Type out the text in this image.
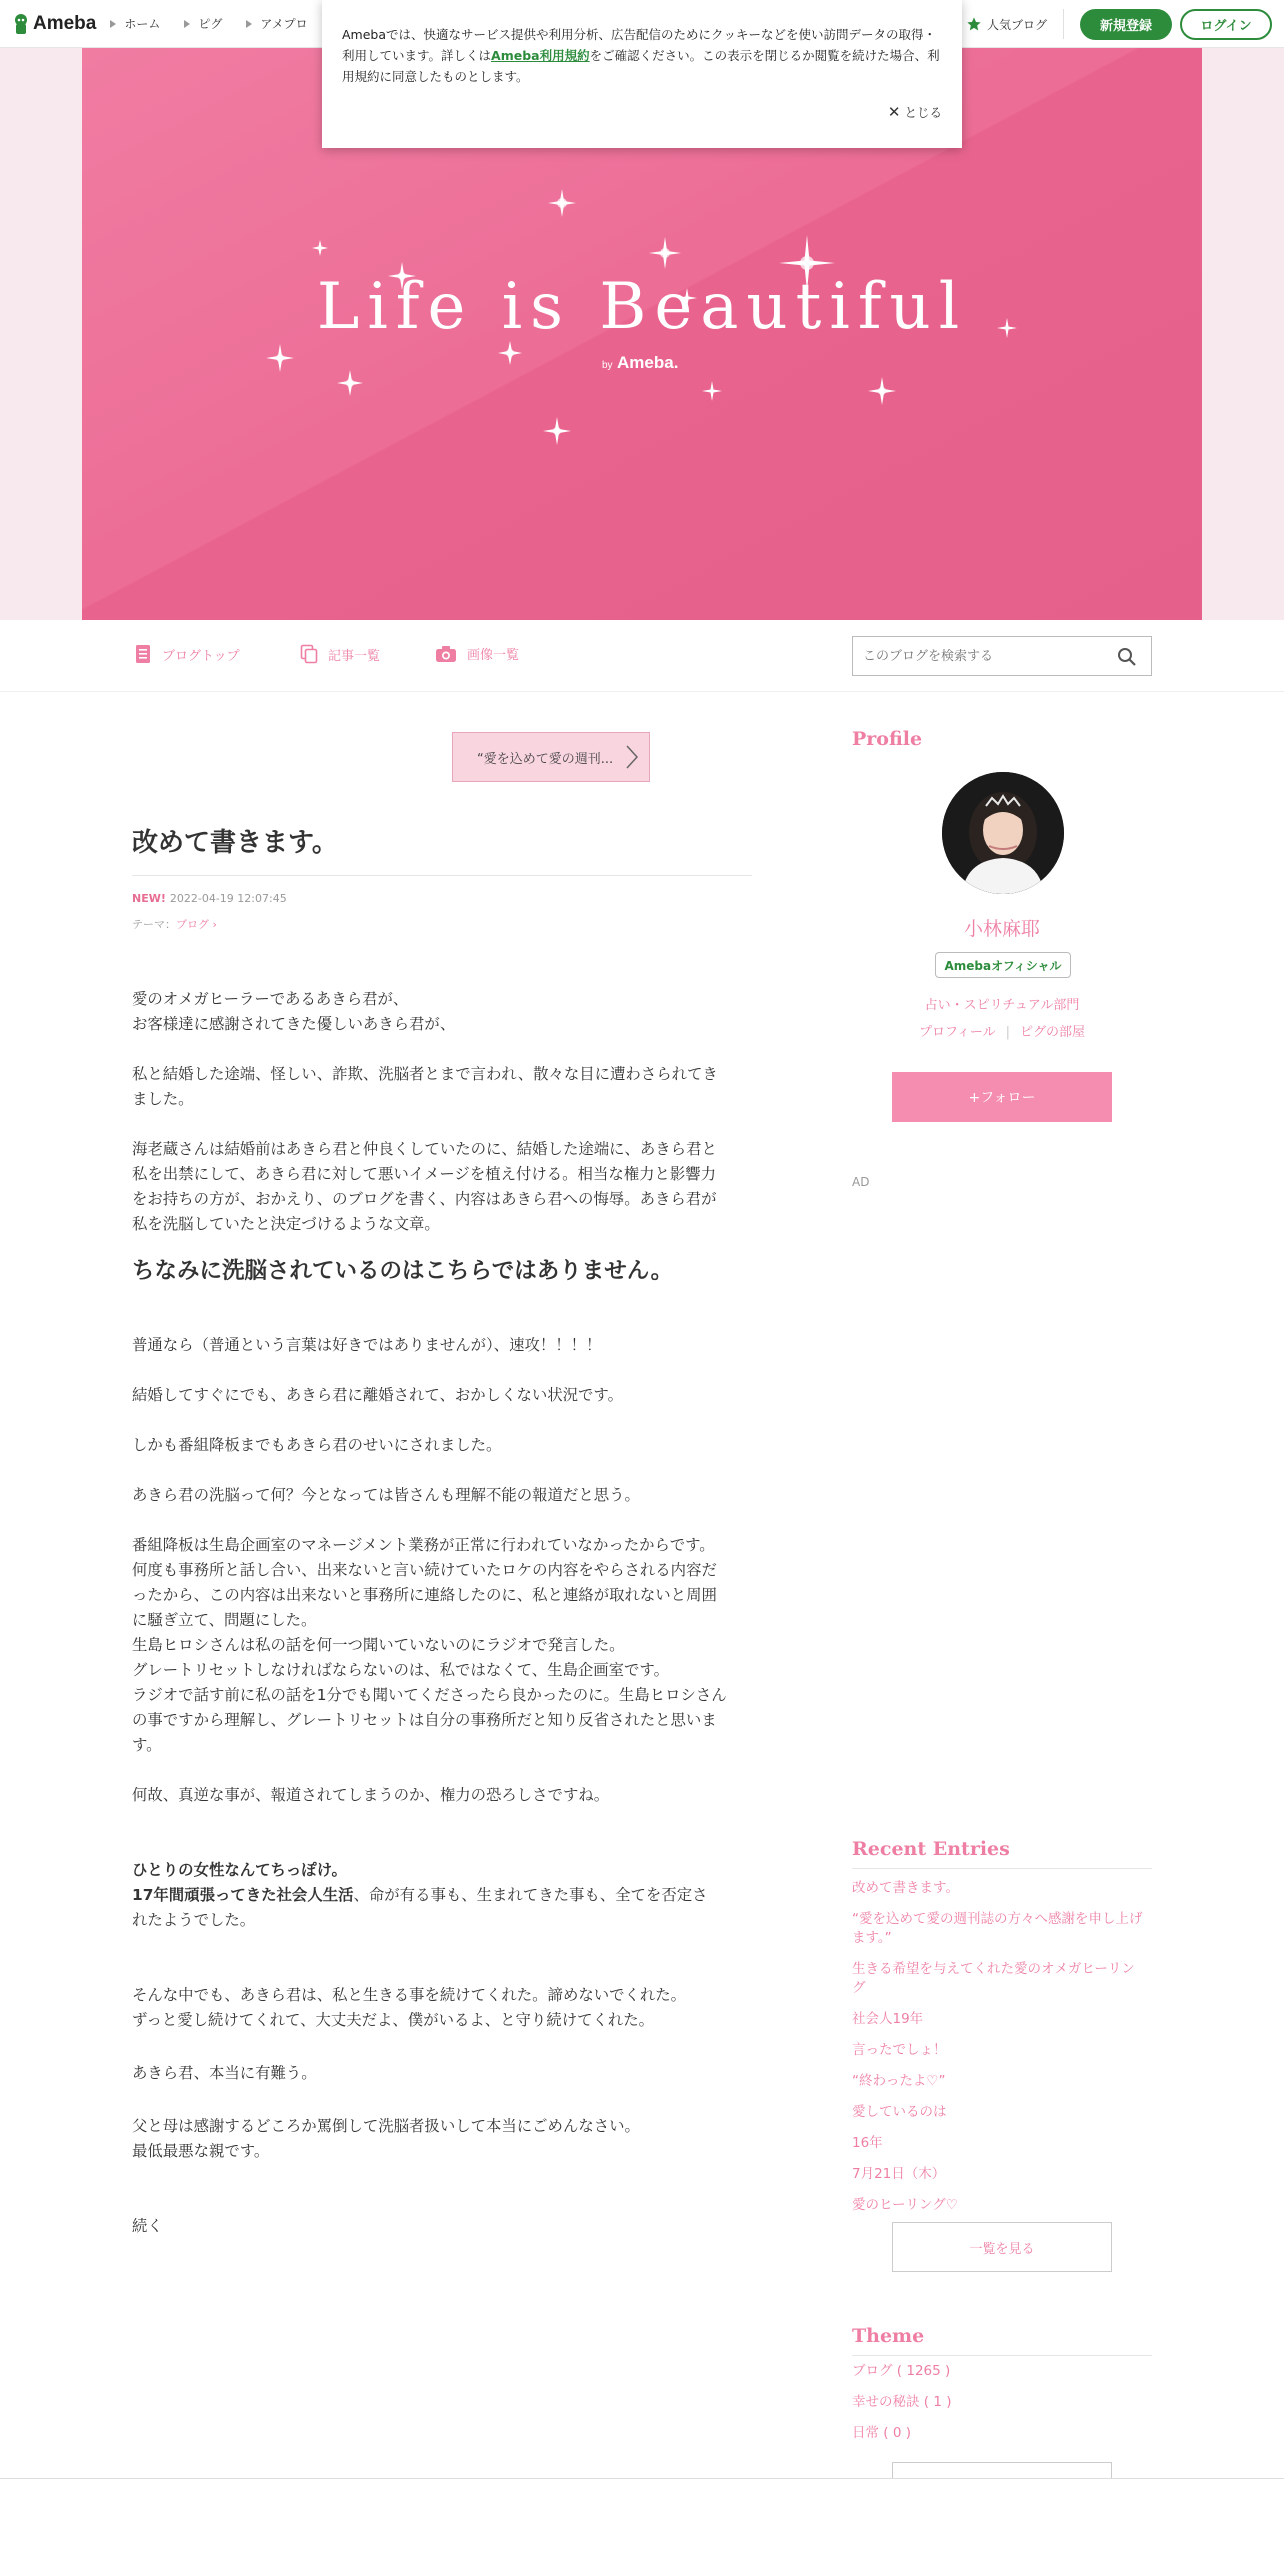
Ameba ホーム	ピグ	アメプロ	人気ブログ	新規登録	ログイン
Life is Beautiful
by Ameba.
Amebaでは、快適なサービス提供や利用分析、広告配信のためにクッキーなどを使い訪問データの取得・利用しています。詳しくはAmeba利用規約をご確認ください。この表示を閉じるか閲覧を続けた場合、利用規約に同意したものとします。
✕ とじる
ブログトップ	記事一覧	画像一覧
このブログを検索する
“愛を込めて愛の週刊...
改めて書きます。
NEW! 2022-04-19 12:07:45
テーマ：ブログ ›

愛のオメガヒーラーであるあきら君が、
お客様達に感謝されてきた優しいあきら君が、

私と結婚した途端、怪しい、詐欺、洗脳者とまで言われ、散々な目に遭わさられてき
ました。

海老蔵さんは結婚前はあきら君と仲良くしていたのに、結婚した途端に、あきら君と
私を出禁にして、あきら君に対して悪いイメージを植え付ける。相当な権力と影響力
をお持ちの方が、おかえり、のブログを書く、内容はあきら君への悔辱。あきら君が
私を洗脳していたと決定づけるような文章。

ちなみに洗脳されているのはこちらではありません。

普通なら（普通という言葉は好きではありませんが）、速攻！！！！

結婚してすぐにでも、あきら君に離婚されて、おかしくない状況です。

しかも番組降板までもあきら君のせいにされました。

あきら君の洗脳って何？今となっては皆さんも理解不能の報道だと思う。

番組降板は生島企画室のマネージメント業務が正常に行われていなかったからです。
何度も事務所と話し合い、出来ないと言い続けていたロケの内容をやらされる内容だ
ったから、この内容は出来ないと事務所に連絡したのに、私と連絡が取れないと周囲
に騒ぎ立て、問題にした。
生島ヒロシさんは私の話を何一つ聞いていないのにラジオで発言した。
グレートリセットしなければならないのは、私ではなくて、生島企画室です。
ラジオで話す前に私の話を1分でも聞いてくださったら良かったのに。生島ヒロシさん
の事ですから理解し、グレートリセットは自分の事務所だと知り反省されたと思いま
す。

何故、真逆な事が、報道されてしまうのか、権力の恐ろしさですね。

ひとりの女性なんてちっぽけ。
17年間頑張ってきた社会人生活、命が有る事も、生まれてきた事も、全てを否定さ
れたようでした。

そんな中でも、あきら君は、私と生きる事を続けてくれた。諦めないでくれた。
ずっと愛し続けてくれて、大丈夫だよ、僕がいるよ、と守り続けてくれた。

あきら君、本当に有難う。

父と母は感謝するどころか罵倒して洗脳者扱いして本当にごめんなさい。
最低最悪な親です。

続く

Profile
小林麻耶
Amebaオフィシャル
占い・スピリチュアル部門
プロフィール | ピグの部屋
+フォロー
AD
Recent Entries
改めて書きます。
“愛を込めて愛の週刊誌の方々へ感謝を申し上げ
ます。”
生きる希望を与えてくれた愛のオメガヒーリン
グ
社会人19年
言ったでしょ！
“終わったよ♡”
愛しているのは
16年
7月21日（木）
愛のヒーリング♡
一覧を見る
Theme
ブログ ( 1265 )
幸せの秘訣 ( 1 )
日常 ( 0 )
